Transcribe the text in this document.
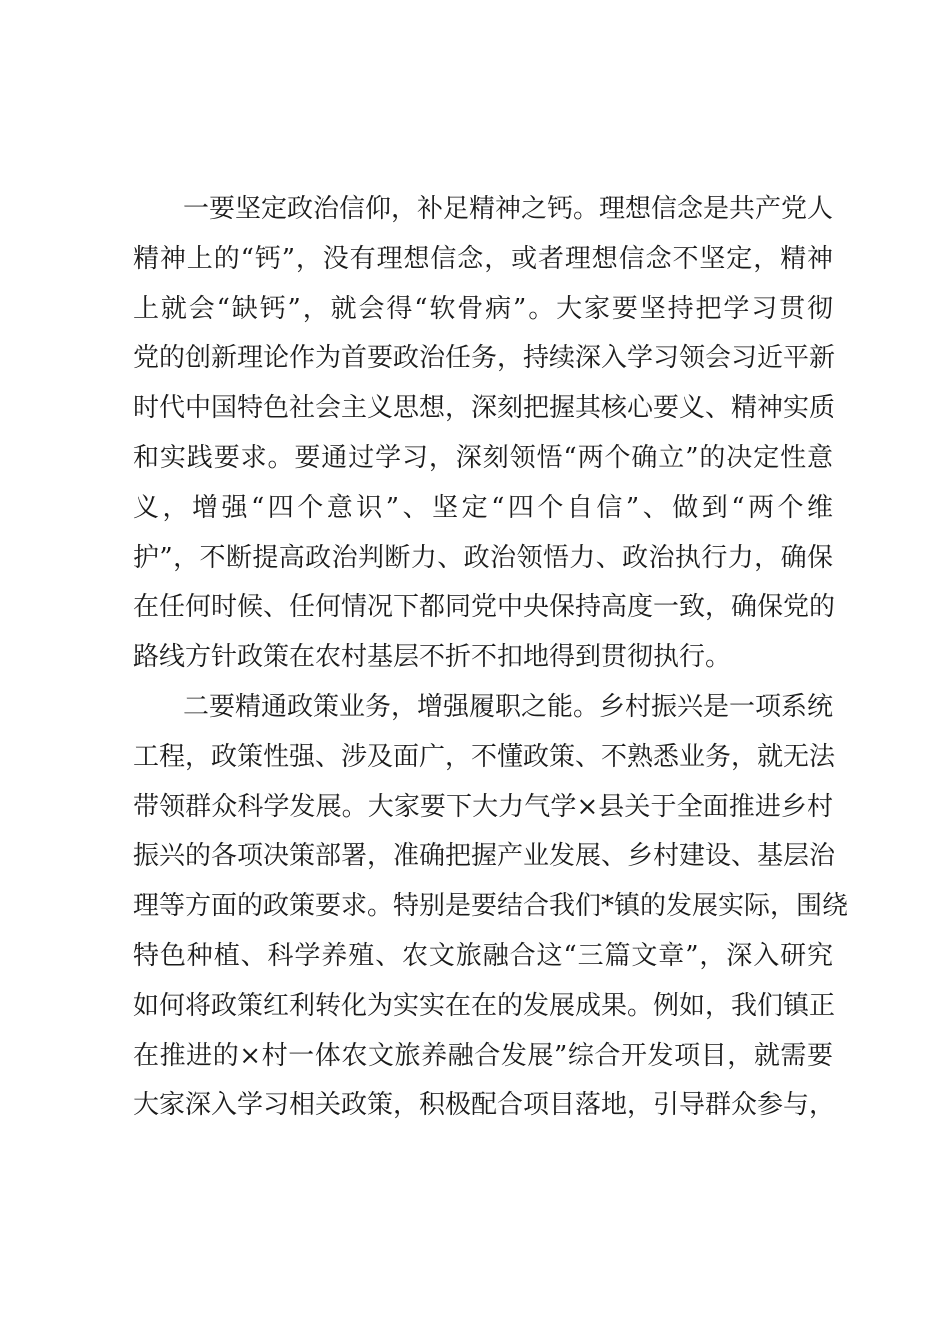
一要坚定政治信仰，补足精神之钙。理想信念是共产党人
精神上的“钙”，没有理想信念，或者理想信念不坚定，精神
上就会“缺钙”，就会得“软骨病”。大家要坚持把学习贯彻
党的创新理论作为首要政治任务，持续深入学习领会习近平新
时代中国特色社会主义思想，深刻把握其核心要义、精神实质
和实践要求。要通过学习，深刻领悟“两个确立”的决定性意
义，增强“四个意识”、坚定“四个自信”、做到“两个维
护”，不断提高政治判断力、政治领悟力、政治执行力，确保
在任何时候、任何情况下都同党中央保持高度一致，确保党的
路线方针政策在农村基层不折不扣地得到贯彻执行。
二要精通政策业务，增强履职之能。乡村振兴是一项系统
工程，政策性强、涉及面广，不懂政策、不熟悉业务，就无法
带领群众科学发展。大家要下大力气学×县关于全面推进乡村
振兴的各项决策部署，准确把握产业发展、乡村建设、基层治
理等方面的政策要求。特别是要结合我们*镇的发展实际，围绕
特色种植、科学养殖、农文旅融合这“三篇文章”，深入研究
如何将政策红利转化为实实在在的发展成果。例如，我们镇正
在推进的×村一体农文旅养融合发展”综合开发项目，就需要
大家深入学习相关政策，积极配合项目落地，引导群众参与，
